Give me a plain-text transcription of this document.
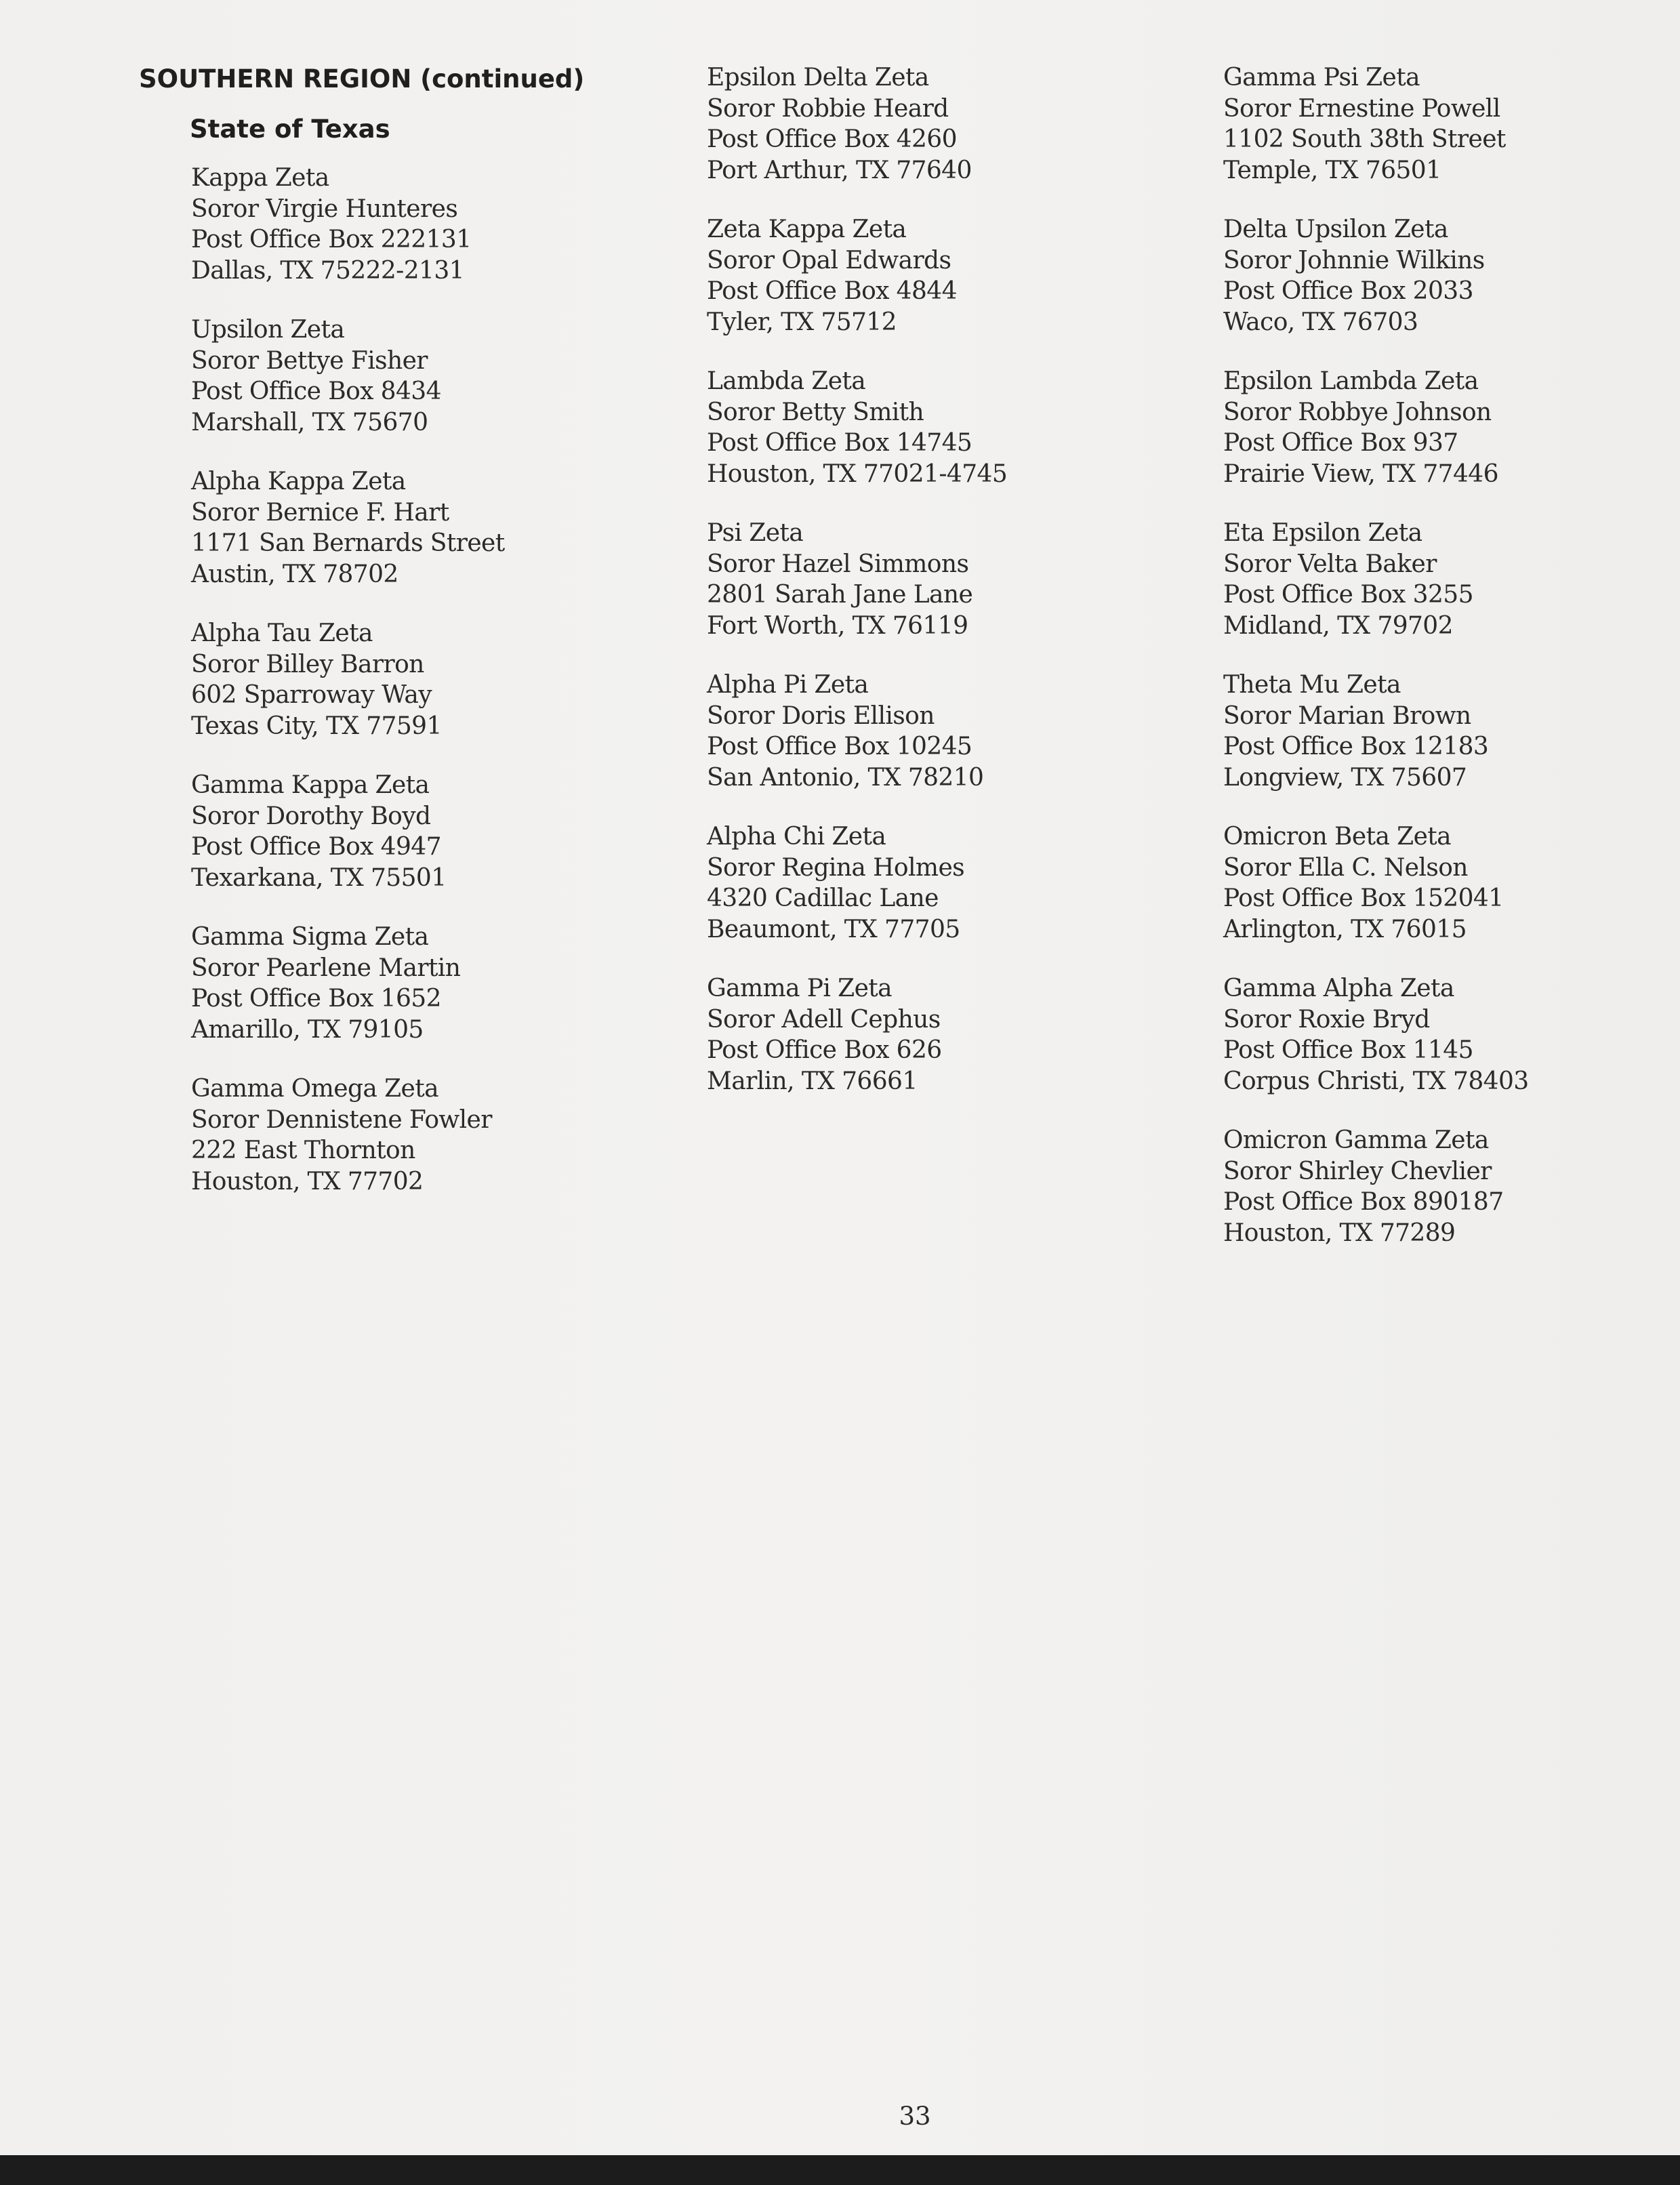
SOUTHERN REGION (continued)
State of Texas
Kappa Zeta
Soror Virgie Hunteres
Post Office Box 222131
Dallas, TX 75222-2131
Upsilon Zeta
Soror Bettye Fisher
Post Office Box 8434
Marshall, TX 75670
Alpha Kappa Zeta
Soror Bernice F. Hart
1171 San Bernards Street
Austin, TX 78702
Alpha Tau Zeta
Soror Billey Barron
602 Sparroway Way
Texas City, TX 77591
Gamma Kappa Zeta
Soror Dorothy Boyd
Post Office Box 4947
Texarkana, TX 75501
Gamma Sigma Zeta
Soror Pearlene Martin
Post Office Box 1652
Amarillo, TX 79105
Gamma Omega Zeta
Soror Dennistene Fowler
222 East Thornton
Houston, TX 77702
Epsilon Delta Zeta
Soror Robbie Heard
Post Office Box 4260
Port Arthur, TX 77640
Zeta Kappa Zeta
Soror Opal Edwards
Post Office Box 4844
Tyler, TX 75712
Lambda Zeta
Soror Betty Smith
Post Office Box 14745
Houston, TX 77021-4745
Psi Zeta
Soror Hazel Simmons
2801 Sarah Jane Lane
Fort Worth, TX 76119
Alpha Pi Zeta
Soror Doris Ellison
Post Office Box 10245
San Antonio, TX 78210
Alpha Chi Zeta
Soror Regina Holmes
4320 Cadillac Lane
Beaumont, TX 77705
Gamma Pi Zeta
Soror Adell Cephus
Post Office Box 626
Marlin, TX 76661
Gamma Psi Zeta
Soror Ernestine Powell
1102 South 38th Street
Temple, TX 76501
Delta Upsilon Zeta
Soror Johnnie Wilkins
Post Office Box 2033
Waco, TX 76703
Epsilon Lambda Zeta
Soror Robbye Johnson
Post Office Box 937
Prairie View, TX 77446
Eta Epsilon Zeta
Soror Velta Baker
Post Office Box 3255
Midland, TX 79702
Theta Mu Zeta
Soror Marian Brown
Post Office Box 12183
Longview, TX 75607
Omicron Beta Zeta
Soror Ella C. Nelson
Post Office Box 152041
Arlington, TX 76015
Gamma Alpha Zeta
Soror Roxie Bryd
Post Office Box 1145
Corpus Christi, TX 78403
Omicron Gamma Zeta
Soror Shirley Chevlier
Post Office Box 890187
Houston, TX 77289
33
